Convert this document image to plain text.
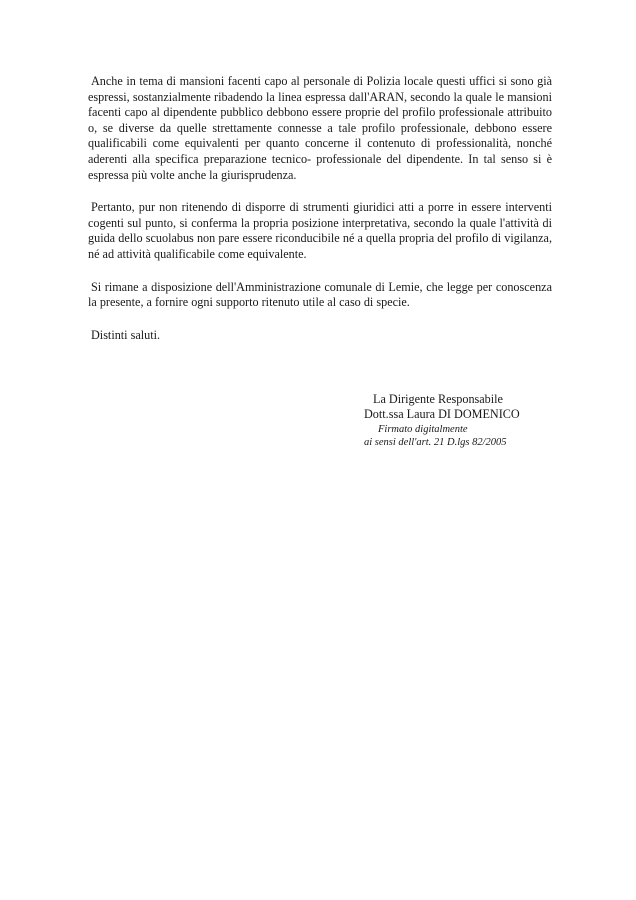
Anche in tema di mansioni facenti capo al personale di Polizia locale questi uffici si sono già espressi, sostanzialmente ribadendo la linea espressa dall'ARAN, secondo la quale le mansioni facenti capo al dipendente pubblico debbono essere proprie del profilo professionale attribuito o, se diverse da quelle strettamente connesse a tale profilo professionale, debbono essere qualificabili come equivalenti per quanto concerne il contenuto di professionalità, nonché aderenti alla specifica preparazione tecnico- professionale del dipendente. In tal senso si è espressa più volte anche la giurisprudenza.

Pertanto, pur non ritenendo di disporre di strumenti giuridici atti a porre in essere interventi cogenti sul punto, si conferma la propria posizione interpretativa, secondo la quale l'attività di guida dello scuolabus non pare essere riconducibile né a quella propria del profilo di vigilanza, né ad attività qualificabile come equivalente.

Si rimane a disposizione dell'Amministrazione comunale di Lemie, che legge per conoscenza la presente, a fornire ogni supporto ritenuto utile al caso di specie.

Distinti saluti.

La Dirigente Responsabile
Dott.ssa Laura DI DOMENICO
Firmato digitalmente
ai sensi dell'art. 21 D.lgs 82/2005
